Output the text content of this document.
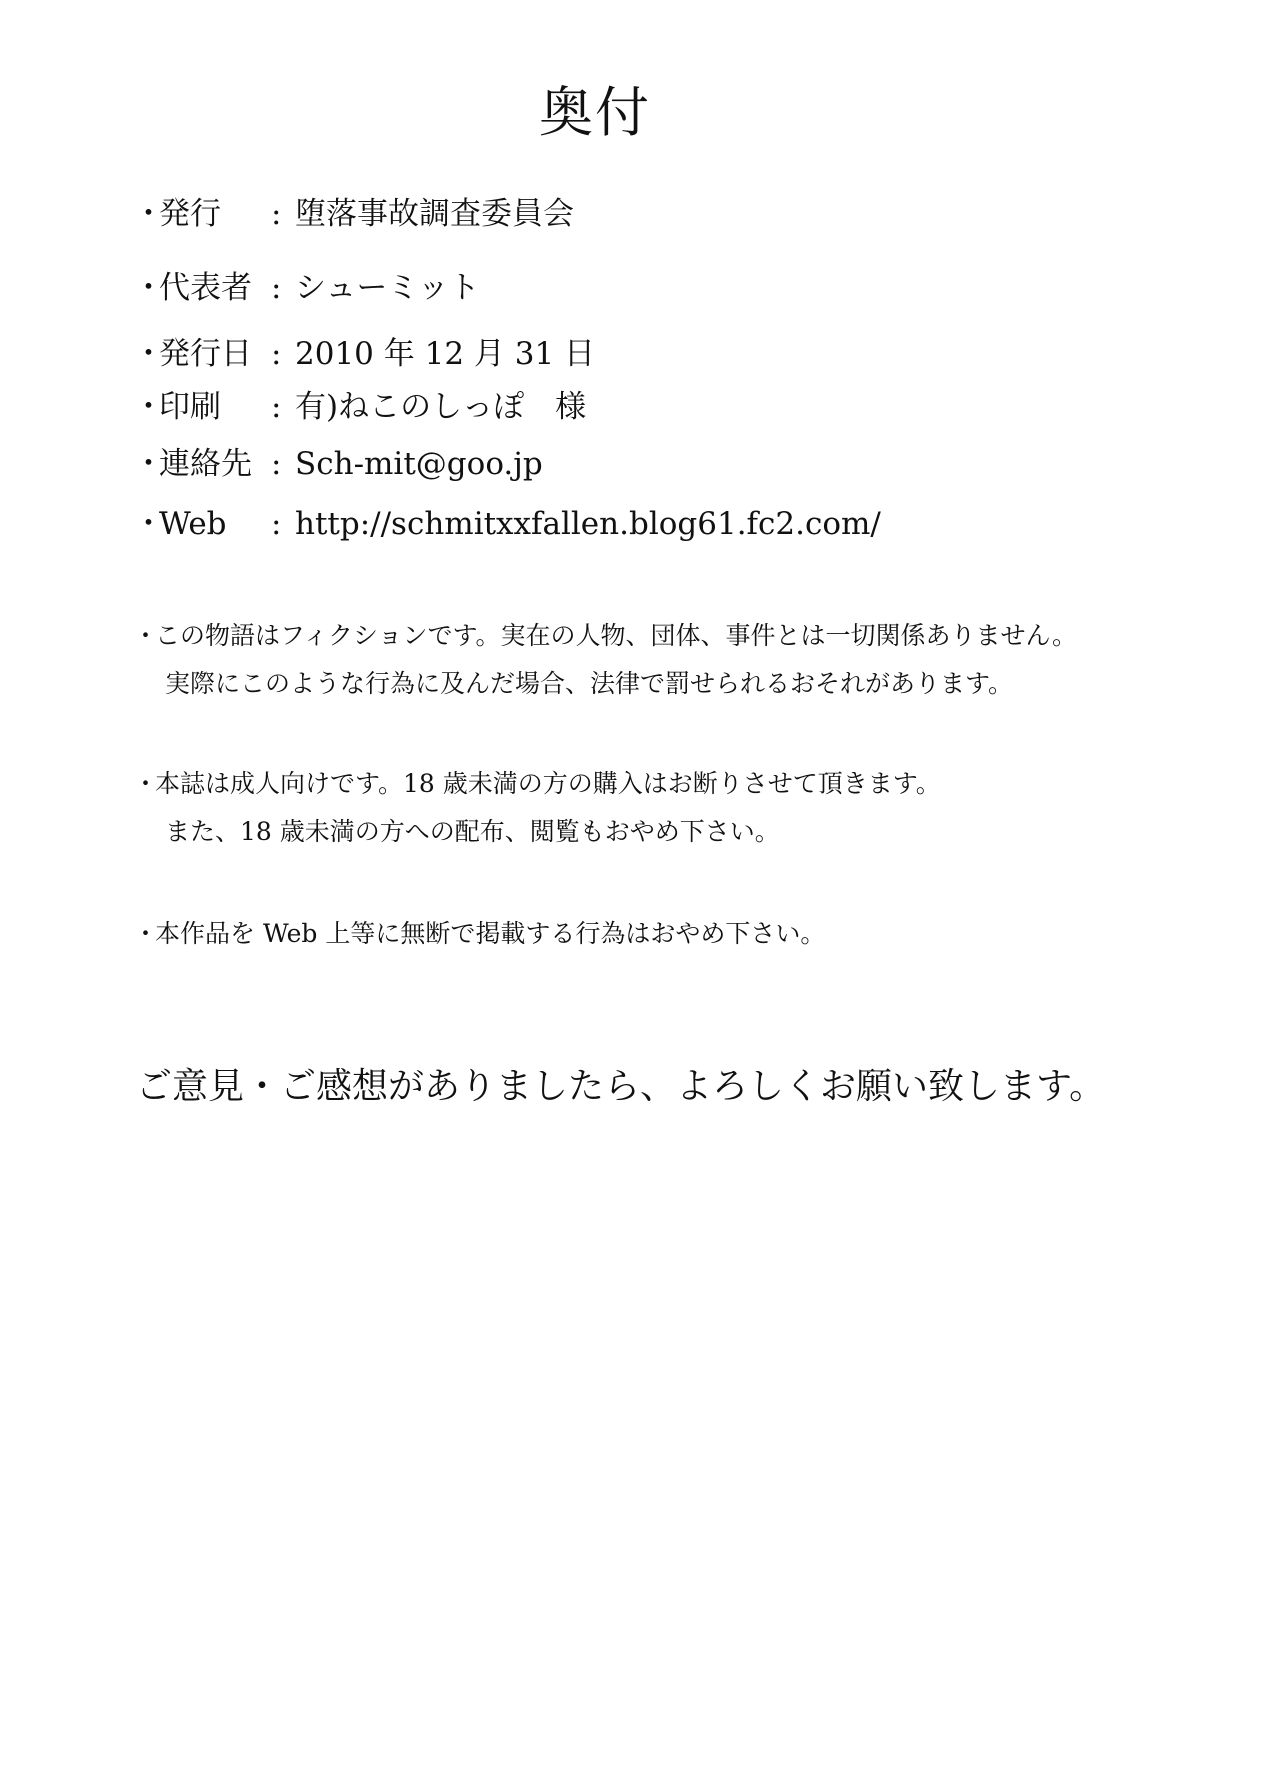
奥付
・
発行 : 堕落事故調査委員会
・
代表者 : シューミット
・
発行日 : 2010 年 12 月 31 日
・
印刷 : 有)ねこのしっぽ　様
・
連絡先 : Sch-mit@goo.jp
・
Web : http://schmitxxfallen.blog61.fc2.com/
・
この物語はフィクションです。実在の人物、団体、事件とは一切関係ありません。
実際にこのような行為に及んだ場合、法律で罰せられるおそれがあります。
・
本誌は成人向けです。18 歳未満の方の購入はお断りさせて頂きます。
また、18 歳未満の方への配布、閲覧もおやめ下さい。
・
本作品を Web 上等に無断で掲載する行為はおやめ下さい。
ご意見・ご感想がありましたら、よろしくお願い致します。
